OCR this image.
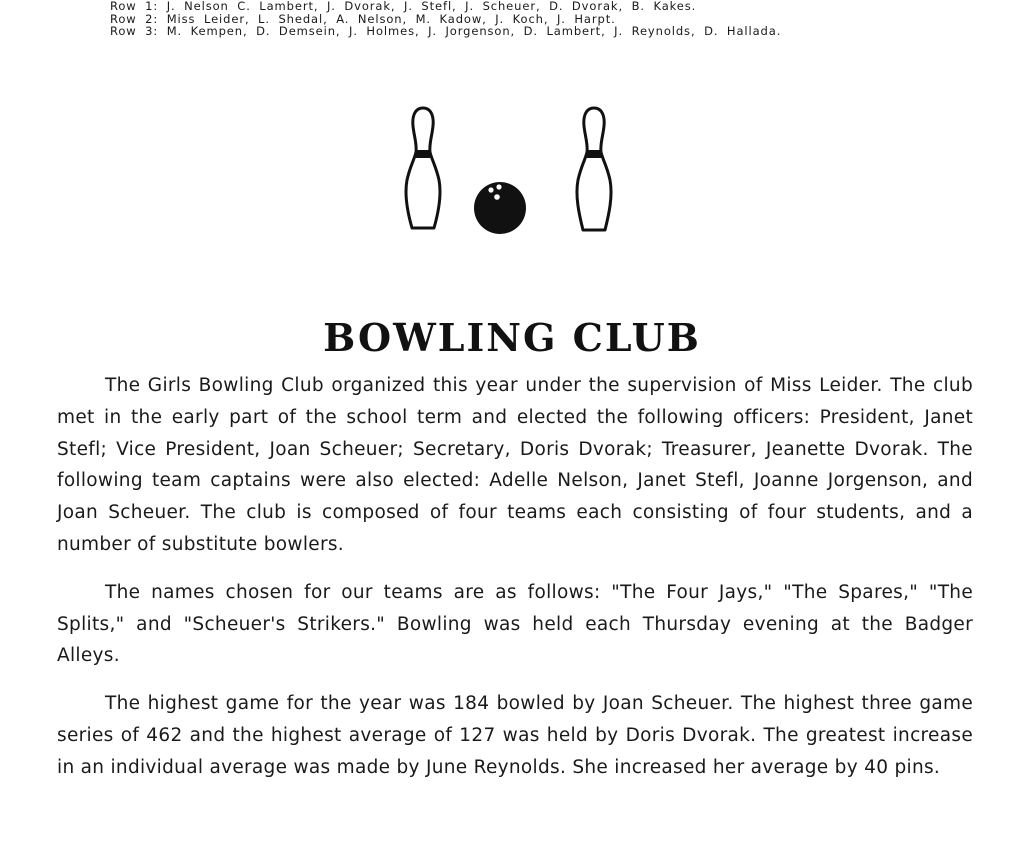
Row 1: J. Nelson C. Lambert, J. Dvorak, J. Stefl, J. Scheuer, D. Dvorak, B. Kakes.
Row 2: Miss Leider, L. Shedal, A. Nelson, M. Kadow, J. Koch, J. Harpt.
Row 3: M. Kempen, D. Demsein, J. Holmes, J. Jorgenson, D. Lambert, J. Reynolds, D. Hallada.
BOWLING CLUB

The Girls Bowling Club organized this year under the supervision of Miss Leider. The club met in the early part of the school term and elected the following officers: President, Janet Stefl; Vice President, Joan Scheuer; Secretary, Doris Dvorak; Treasurer, Jeanette Dvorak. The following team captains were also elected: Adelle Nelson, Janet Stefl, Joanne Jorgenson, and Joan Scheuer. The club is composed of four teams each consisting of four students, and a number of substitute bowlers.

The names chosen for our teams are as follows: "The Four Jays," "The Spares," "The Splits," and "Scheuer's Strikers." Bowling was held each Thursday evening at the Badger Alleys.

The highest game for the year was 184 bowled by Joan Scheuer. The highest three game series of 462 and the highest average of 127 was held by Doris Dvorak. The greatest increase in an individual average was made by June Reynolds. She increased her average by 40 pins.
